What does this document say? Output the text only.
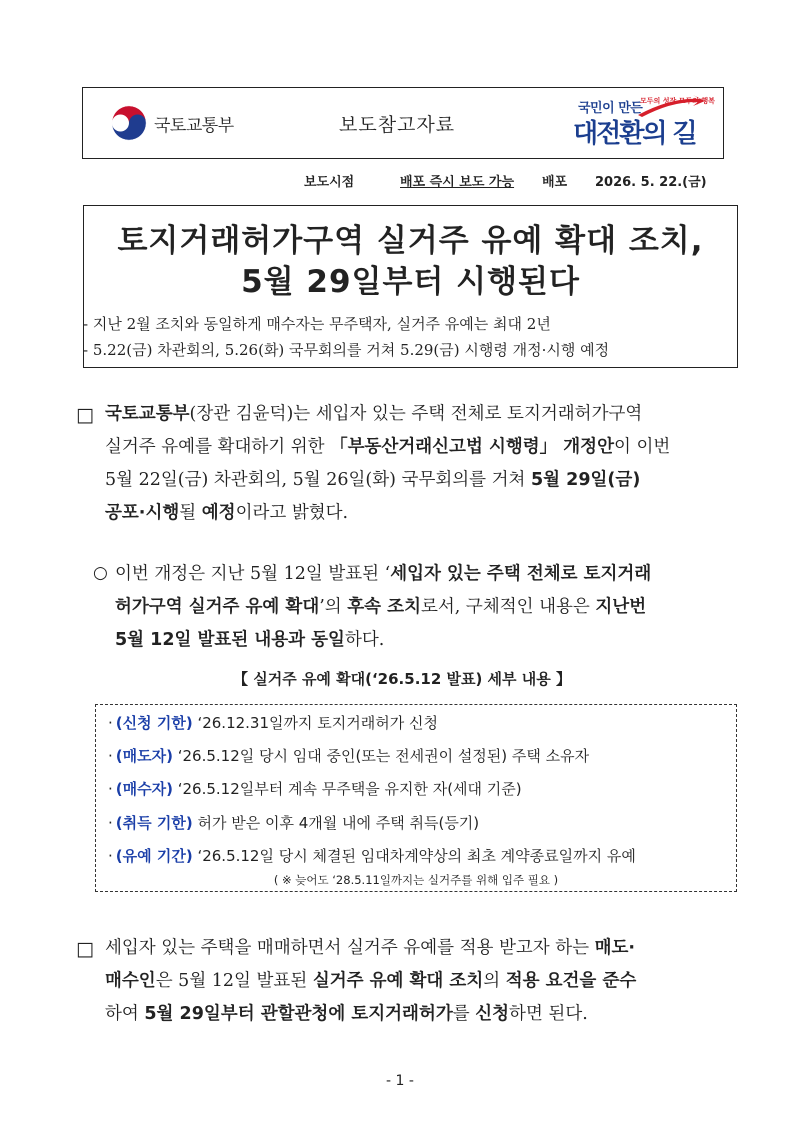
국토교통부	보도참고자료
국민이 만든
모두의 성장 모두의 행복
대전환의 길
보도시점	배포 즉시 보도 가능 배포 2026. 5. 22.(금)
토지거래허가구역 실거주 유예 확대 조치,
5월 29일부터 시행된다
- 지난 2월 조치와 동일하게 매수자는 무주택자, 실거주 유예는 최대 2년
- 5.22(금) 차관회의, 5.26(화) 국무회의를 거쳐 5.29(금) 시행령 개정·시행 예정
□ 국토교통부(장관 김윤덕)는 세입자 있는 주택 전체로 토지거래허가구역
실거주 유예를 확대하기 위한 「부동산거래신고법 시행령」 개정안이 이번
5월 22일(금) 차관회의, 5월 26일(화) 국무회의를 거쳐 5월 29일(금)
공포·시행될 예정이라고 밝혔다.
○ 이번 개정은 지난 5월 12일 발표된 ‘세입자 있는 주택 전체로 토지거래
허가구역 실거주 유예 확대’의 후속 조치로서, 구체적인 내용은 지난번
5월 12일 발표된 내용과 동일하다.
【 실거주 유예 확대(‘26.5.12 발표) 세부 내용 】
· (신청 기한) ‘26.12.31일까지 토지거래허가 신청
· (매도자) ‘26.5.12일 당시 임대 중인(또는 전세권이 설정된) 주택 소유자
· (매수자) ‘26.5.12일부터 계속 무주택을 유지한 자(세대 기준)
· (취득 기한) 허가 받은 이후 4개월 내에 주택 취득(등기)
· (유예 기간) ‘26.5.12일 당시 체결된 임대차계약상의 최초 계약종료일까지 유예
( ※ 늦어도 ‘28.5.11일까지는 실거주를 위해 입주 필요 )
□ 세입자 있는 주택을 매매하면서 실거주 유예를 적용 받고자 하는 매도·
매수인은 5월 12일 발표된 실거주 유예 확대 조치의 적용 요건을 준수
하여 5월 29일부터 관할관청에 토지거래허가를 신청하면 된다.
- 1 -
